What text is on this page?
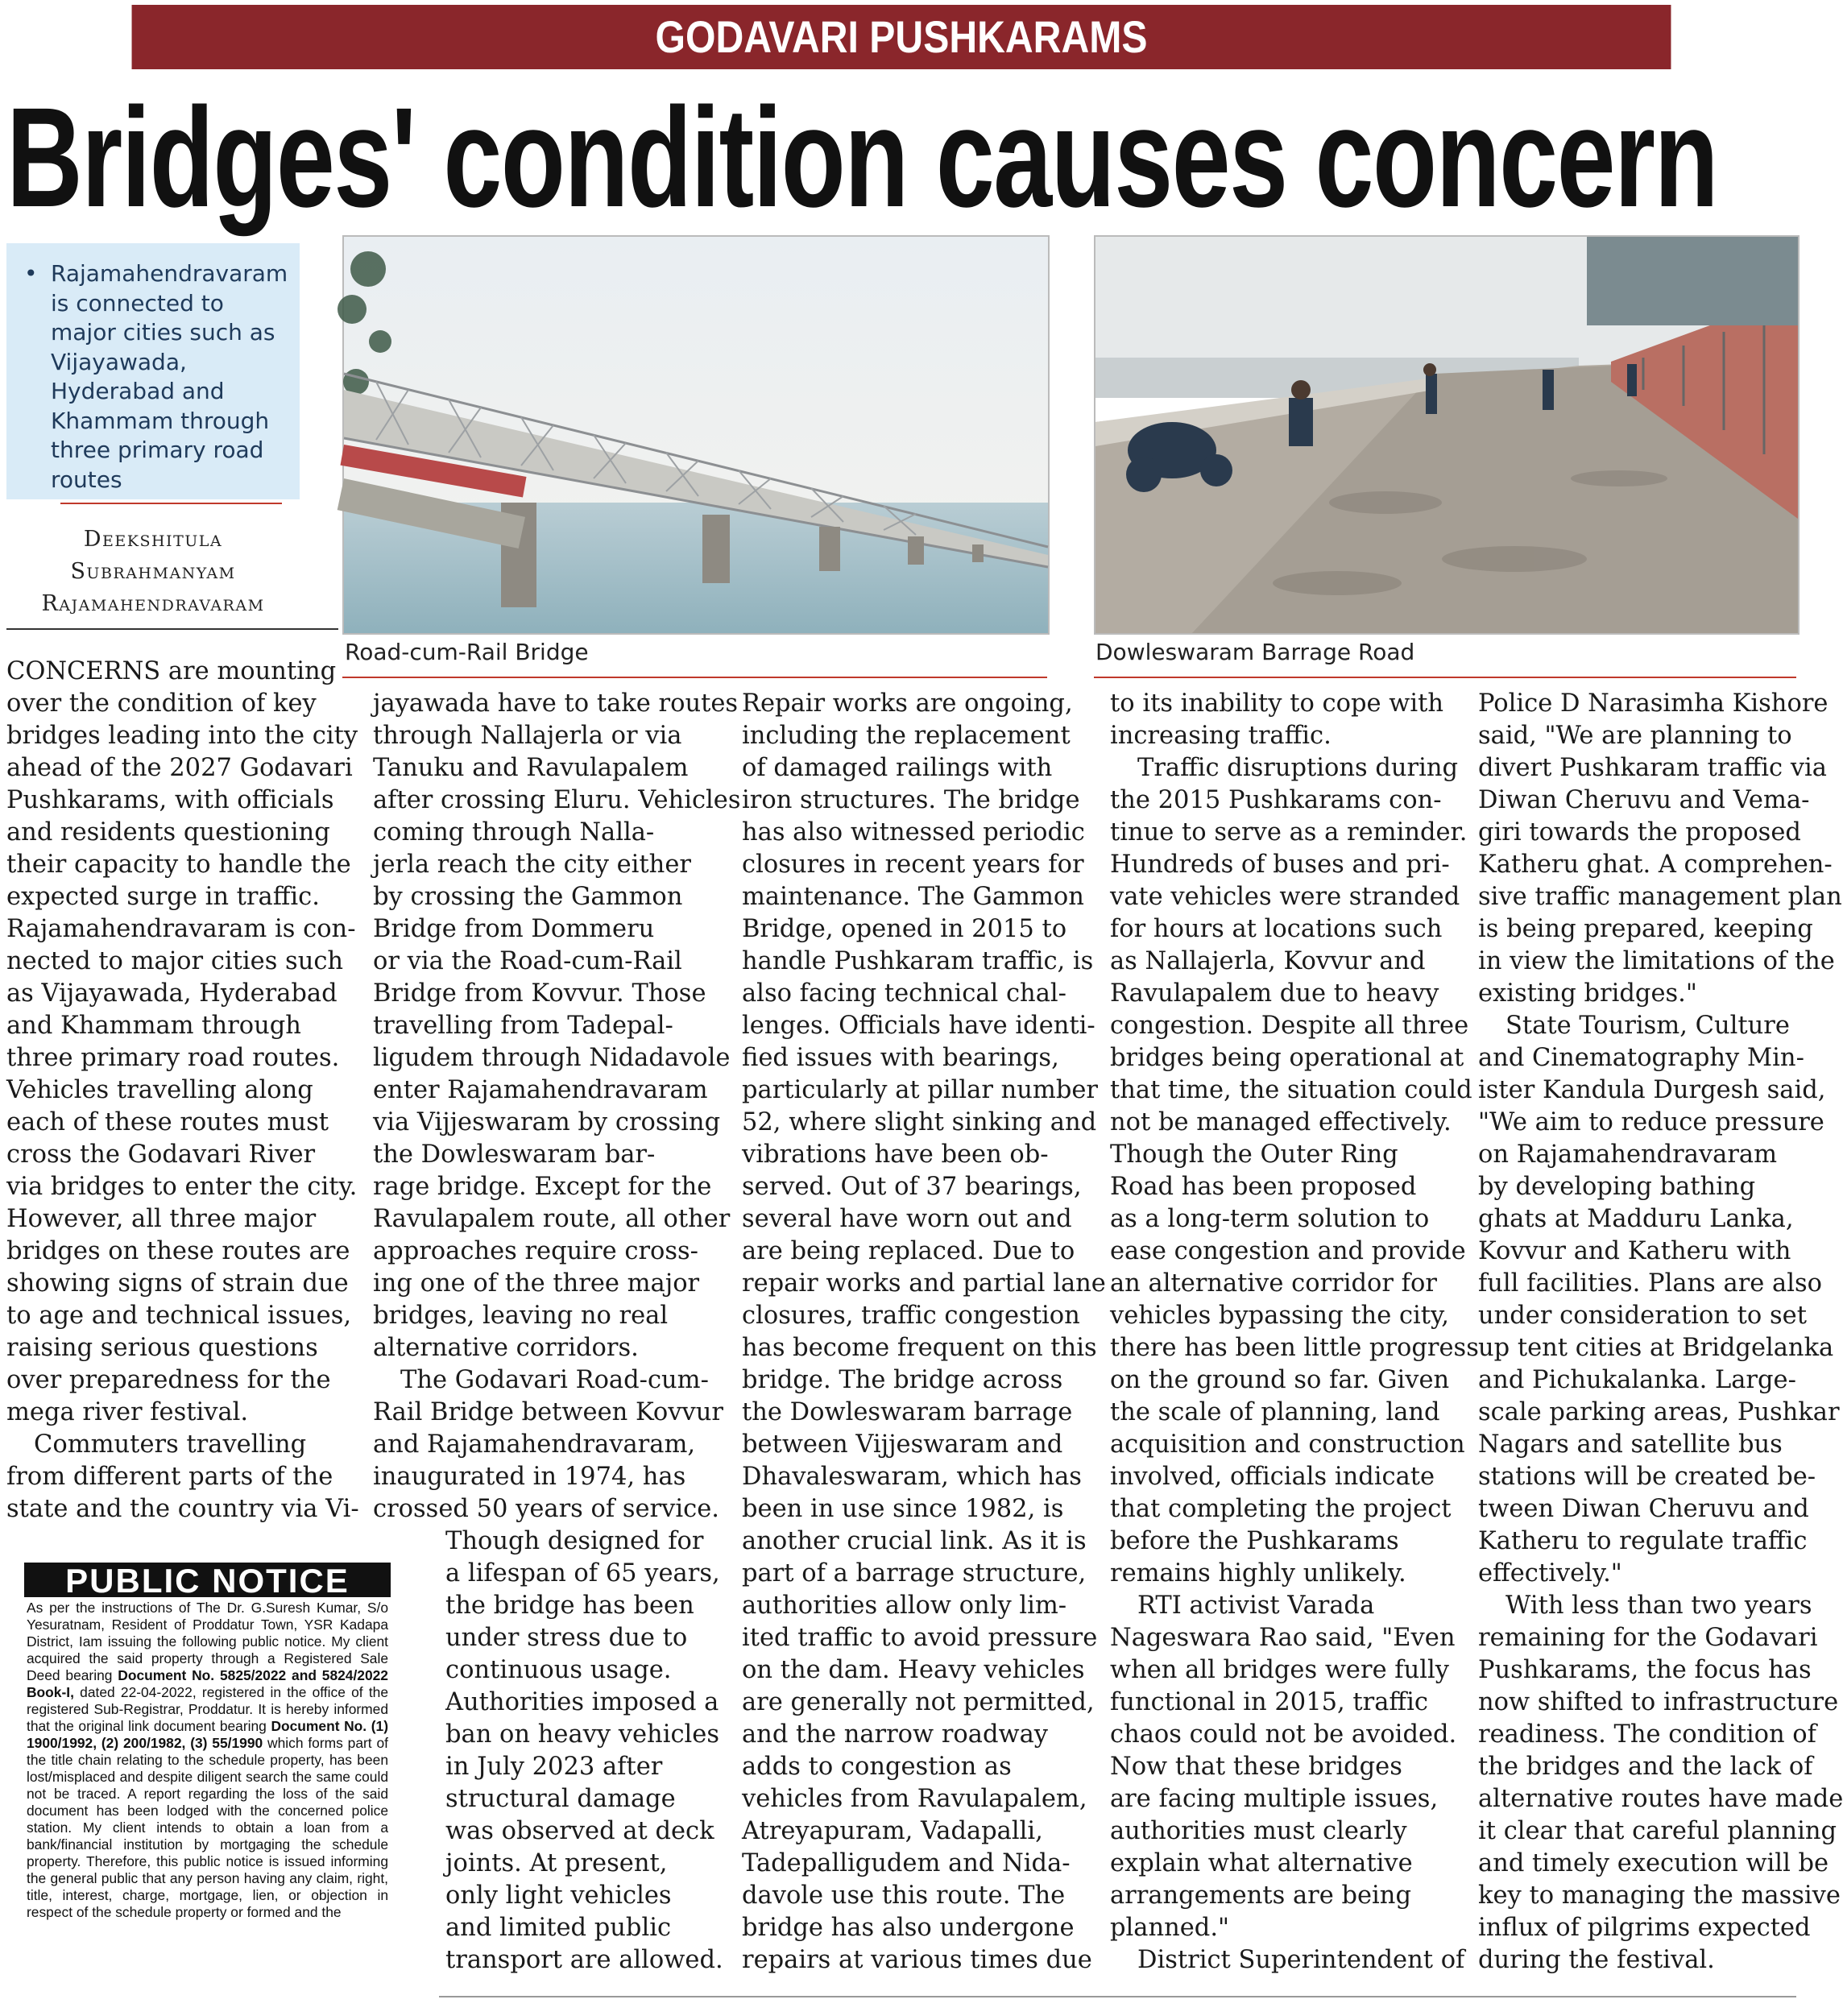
GODAVARI PUSHKARAMS
Bridges' condition causes concern
• Rajamahendravaram is connected to major cities such as Vijayawada, Hyderabad and Khammam through three primary road routes
Deekshitula
Subrahmanyam
Rajamahendravaram
Road-cum-Rail Bridge	Dowleswaram Barrage Road
CONCERNS are mounting
over the condition of key
bridges leading into the city
ahead of the 2027 Godavari
Pushkarams, with officials
and residents questioning
their capacity to handle the
expected surge in traffic.
Rajamahendravaram is con-
nected to major cities such
as Vijayawada, Hyderabad
and Khammam through
three primary road routes.
Vehicles travelling along
each of these routes must
cross the Godavari River
via bridges to enter the city.
However, all three major
bridges on these routes are
showing signs of strain due
to age and technical issues,
raising serious questions
over preparedness for the
mega river festival.
Commuters travelling
from different parts of the
state and the country via Vi-
jayawada have to take routes
through Nallajerla or via
Tanuku and Ravulapalem
after crossing Eluru. Vehicles
coming through Nalla-
jerla reach the city either
by crossing the Gammon
Bridge from Dommeru
or via the Road-cum-Rail
Bridge from Kovvur. Those
travelling from Tadepal-
ligudem through Nidadavole
enter Rajamahendravaram
via Vijjeswaram by crossing
the Dowleswaram bar-
rage bridge. Except for the
Ravulapalem route, all other
approaches require cross-
ing one of the three major
bridges, leaving no real
alternative corridors.
The Godavari Road-cum-
Rail Bridge between Kovvur
and Rajamahendravaram,
inaugurated in 1974, has
crossed 50 years of service.
Though designed for
a lifespan of 65 years,
the bridge has been
under stress due to
continuous usage.
Authorities imposed a
ban on heavy vehicles
in July 2023 after
structural damage
was observed at deck
joints. At present,
only light vehicles
and limited public
transport are allowed.
Repair works are ongoing,
including the replacement
of damaged railings with
iron structures. The bridge
has also witnessed periodic
closures in recent years for
maintenance. The Gammon
Bridge, opened in 2015 to
handle Pushkaram traffic, is
also facing technical chal-
lenges. Officials have identi-
fied issues with bearings,
particularly at pillar number
52, where slight sinking and
vibrations have been ob-
served. Out of 37 bearings,
several have worn out and
are being replaced. Due to
repair works and partial lane
closures, traffic congestion
has become frequent on this
bridge. The bridge across
the Dowleswaram barrage
between Vijjeswaram and
Dhavaleswaram, which has
been in use since 1982, is
another crucial link. As it is
part of a barrage structure,
authorities allow only lim-
ited traffic to avoid pressure
on the dam. Heavy vehicles
are generally not permitted,
and the narrow roadway
adds to congestion as
vehicles from Ravulapalem,
Atreyapuram, Vadapalli,
Tadepalligudem and Nida-
davole use this route. The
bridge has also undergone
repairs at various times due
to its inability to cope with
increasing traffic.
Traffic disruptions during
the 2015 Pushkarams con-
tinue to serve as a reminder.
Hundreds of buses and pri-
vate vehicles were stranded
for hours at locations such
as Nallajerla, Kovvur and
Ravulapalem due to heavy
congestion. Despite all three
bridges being operational at
that time, the situation could
not be managed effectively.
Though the Outer Ring
Road has been proposed
as a long-term solution to
ease congestion and provide
an alternative corridor for
vehicles bypassing the city,
there has been little progress
on the ground so far. Given
the scale of planning, land
acquisition and construction
involved, officials indicate
that completing the project
before the Pushkarams
remains highly unlikely.
RTI activist Varada
Nageswara Rao said, "Even
when all bridges were fully
functional in 2015, traffic
chaos could not be avoided.
Now that these bridges
are facing multiple issues,
authorities must clearly
explain what alternative
arrangements are being
planned."
District Superintendent of
Police D Narasimha Kishore
said, "We are planning to
divert Pushkaram traffic via
Diwan Cheruvu and Vema-
giri towards the proposed
Katheru ghat. A comprehen-
sive traffic management plan
is being prepared, keeping
in view the limitations of the
existing bridges."
State Tourism, Culture
and Cinematography Min-
ister Kandula Durgesh said,
"We aim to reduce pressure
on Rajamahendravaram
by developing bathing
ghats at Madduru Lanka,
Kovvur and Katheru with
full facilities. Plans are also
under consideration to set
up tent cities at Bridgelanka
and Pichukalanka. Large-
scale parking areas, Pushkar
Nagars and satellite bus
stations will be created be-
tween Diwan Cheruvu and
Katheru to regulate traffic
effectively."
With less than two years
remaining for the Godavari
Pushkarams, the focus has
now shifted to infrastructure
readiness. The condition of
the bridges and the lack of
alternative routes have made
it clear that careful planning
and timely execution will be
key to managing the massive
influx of pilgrims expected
during the festival.
PUBLIC NOTICE
As per the instructions of The Dr. G.Suresh Kumar, S/o Yesuratnam, Resident of Proddatur Town, YSR Kadapa District, Iam issuing the following public notice. My client acquired the said property through a Registered Sale Deed bearing Document No. 5825/2022 and 5824/2022 Book-I, dated 22-04-2022, registered in the office of the registered Sub-Registrar, Proddatur. It is hereby informed that the original link document bearing Document No. (1) 1900/1992, (2) 200/1982, (3) 55/1990 which forms part of the title chain relating to the schedule property, has been lost/misplaced and despite diligent search the same could not be traced. A report regarding the loss of the said document has been lodged with the concerned police station. My client intends to obtain a loan from a bank/financial institution by mortgaging the schedule property. Therefore, this public notice is issued informing the general public that any person having any claim, right, title, interest, charge, mortgage, lien, or objection in respect of the schedule property or formed and the
